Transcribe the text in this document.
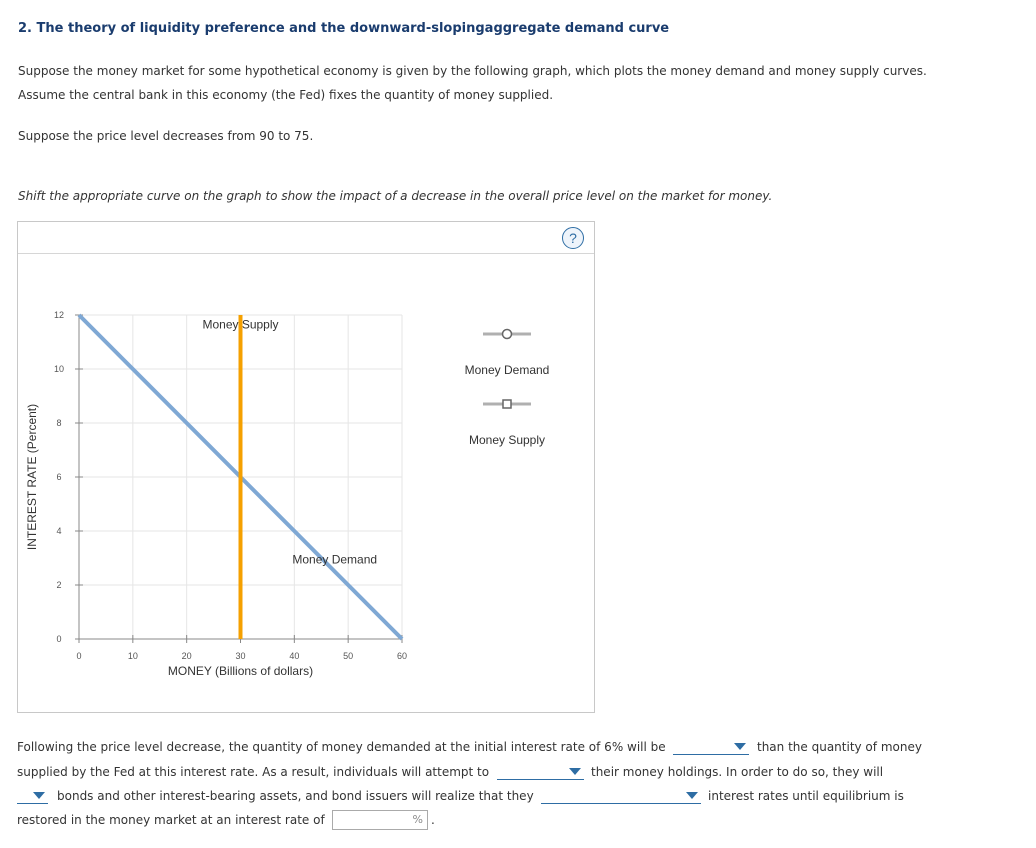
2. The theory of liquidity preference and the downward-slopingaggregate demand curve
Suppose the money market for some hypothetical economy is given by the following graph, which plots the money demand and money supply curves.
Assume the central bank in this economy (the Fed) fixes the quantity of money supplied.
Suppose the price level decreases from 90 to 75.
Shift the appropriate curve on the graph to show the impact of a decrease in the overall price level on the market for money.
?
0	10	20	30	40	50	60
0
2
4
6
8
10
12
MONEY (Billions of dollars)
INTEREST RATE (Percent)
Money Demand
Money Supply
Money Demand
Money Supply
Following the price level decrease, the quantity of money demanded at the initial interest rate of 6% will be	than the quantity of money
supplied by the Fed at this interest rate. As a result, individuals will attempt to	their money holdings. In order to do so, they will
bonds and other interest-bearing assets, and bond issuers will realize that they	interest rates until equilibrium is
restored in the money market at an interest rate of	% .
